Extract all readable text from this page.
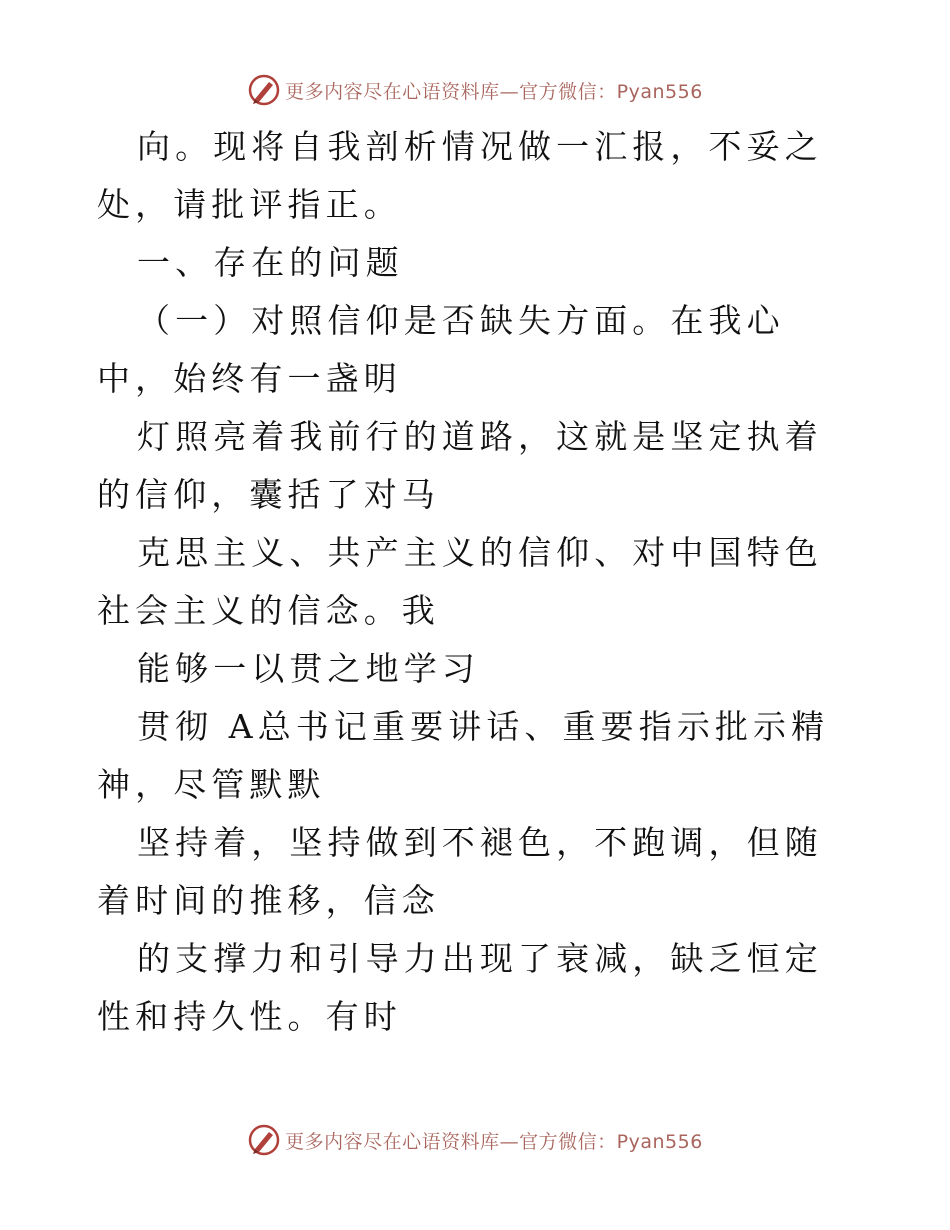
更多内容尽在心语资料库—官方微信：Pyan556

向。现将自我剖析情况做一汇报，不妥之处，请批评指正。

一、存在的问题

（一）对照信仰是否缺失方面。在我心中，始终有一盏明

灯照亮着我前行的道路，这就是坚定执着的信仰，囊括了对马

克思主义、共产主义的信仰、对中国特色社会主义的信念。我

能够一以贯之地学习

贯彻 A总书记重要讲话、重要指示批示精神，尽管默默

坚持着，坚持做到不褪色，不跑调，但随着时间的推移，信念

的支撑力和引导力出现了衰减，缺乏恒定性和持久性。有时

更多内容尽在心语资料库—官方微信：Pyan556
